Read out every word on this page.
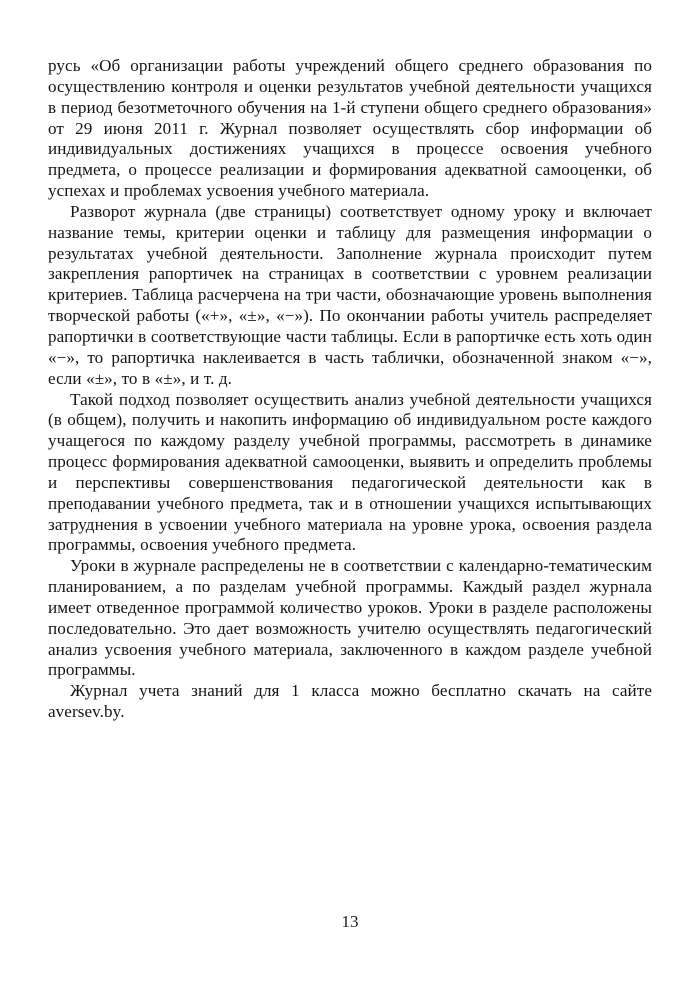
русь «Об организации работы учреждений общего среднего образования по осуществлению контроля и оценки результатов учебной деятельности учащихся в период безотметочного обучения на 1-й ступени общего среднего образования» от 29 июня 2011 г. Журнал позволяет осуществлять сбор информации об индивидуальных достижениях учащихся в процессе освоения учебного предмета, о процессе реализации и формирования адекватной самооценки, об успехах и проблемах усвоения учебного материала.

Разворот журнала (две страницы) соответствует одному уроку и включает название темы, критерии оценки и таблицу для размещения информации о результатах учебной деятельности. Заполнение журнала происходит путем закрепления рапортичек на страницах в соответствии с уровнем реализации критериев. Таблица расчерчена на три части, обозначающие уровень выполнения творческой работы («+», «±», «−»). По окончании работы учитель распределяет рапортички в соответствующие части таблицы. Если в рапортичке есть хоть один «−», то рапортичка наклеивается в часть таблички, обозначенной знаком «−», если «±», то в «±», и т. д.

Такой подход позволяет осуществить анализ учебной деятельности учащихся (в общем), получить и накопить информацию об индивидуальном росте каждого учащегося по каждому разделу учебной программы, рассмотреть в динамике процесс формирования адекватной самооценки, выявить и определить проблемы и перспективы совершенствования педагогической деятельности как в преподавании учебного предмета, так и в отношении учащихся испытывающих затруднения в усвоении учебного материала на уровне урока, освоения раздела программы, освоения учебного предмета.

Уроки в журнале распределены не в соответствии с календарно-тематическим планированием, а по разделам учебной программы. Каждый раздел журнала имеет отведенное программой количество уроков. Уроки в разделе расположены последовательно. Это дает возможность учителю осуществлять педагогический анализ усвоения учебного материала, заключенного в каждом разделе учебной программы.

Журнал учета знаний для 1 класса можно бесплатно скачать на сайте aversev.by.

13
